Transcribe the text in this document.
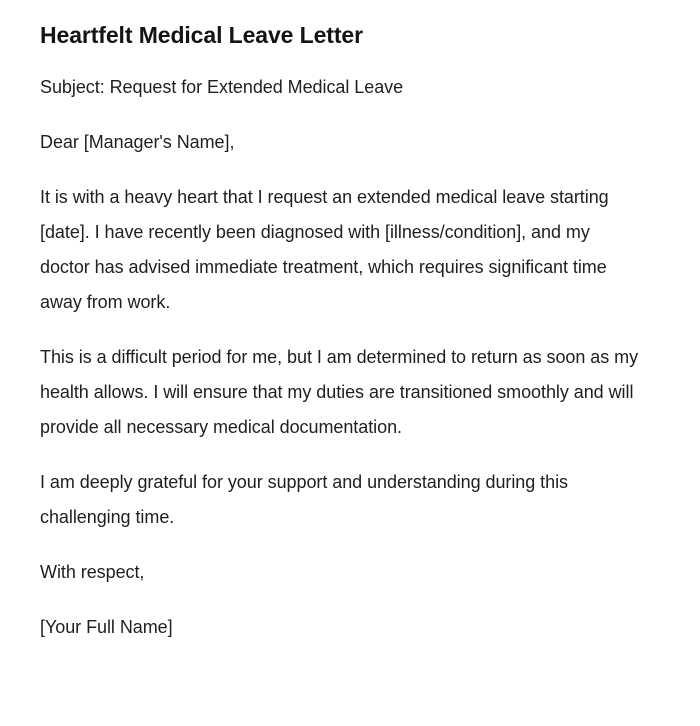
Heartfelt Medical Leave Letter

Subject: Request for Extended Medical Leave

Dear [Manager's Name],

It is with a heavy heart that I request an extended medical leave starting [date]. I have recently been diagnosed with [illness/condition], and my doctor has advised immediate treatment, which requires significant time away from work.

This is a difficult period for me, but I am determined to return as soon as my health allows. I will ensure that my duties are transitioned smoothly and will provide all necessary medical documentation.

I am deeply grateful for your support and understanding during this challenging time.

With respect,

[Your Full Name]
